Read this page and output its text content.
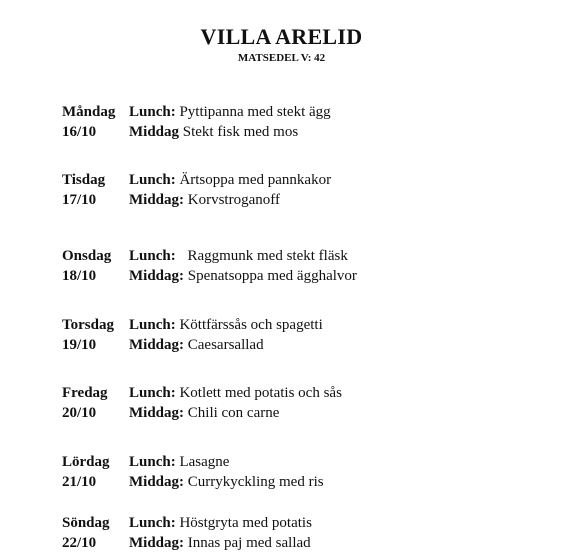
VILLA ARELID
MATSEDEL V: 42
Måndag Lunch: Pyttipanna med stekt ägg
16/10 Middag Stekt fisk med mos
Tisdag Lunch: Ärtsoppa med pannkakor
17/10 Middag: Korvstroganoff
Onsdag Lunch: Raggmunk med stekt fläsk
18/10 Middag: Spenatsoppa med ägghalvor
Torsdag Lunch: Köttfärssås och spagetti
19/10 Middag: Caesarsallad
Fredag Lunch: Kotlett med potatis och sås
20/10 Middag: Chili con carne
Lördag Lunch: Lasagne
21/10 Middag: Currykyckling med ris
Söndag Lunch: Höstgryta med potatis
22/10 Middag: Innas paj med sallad
